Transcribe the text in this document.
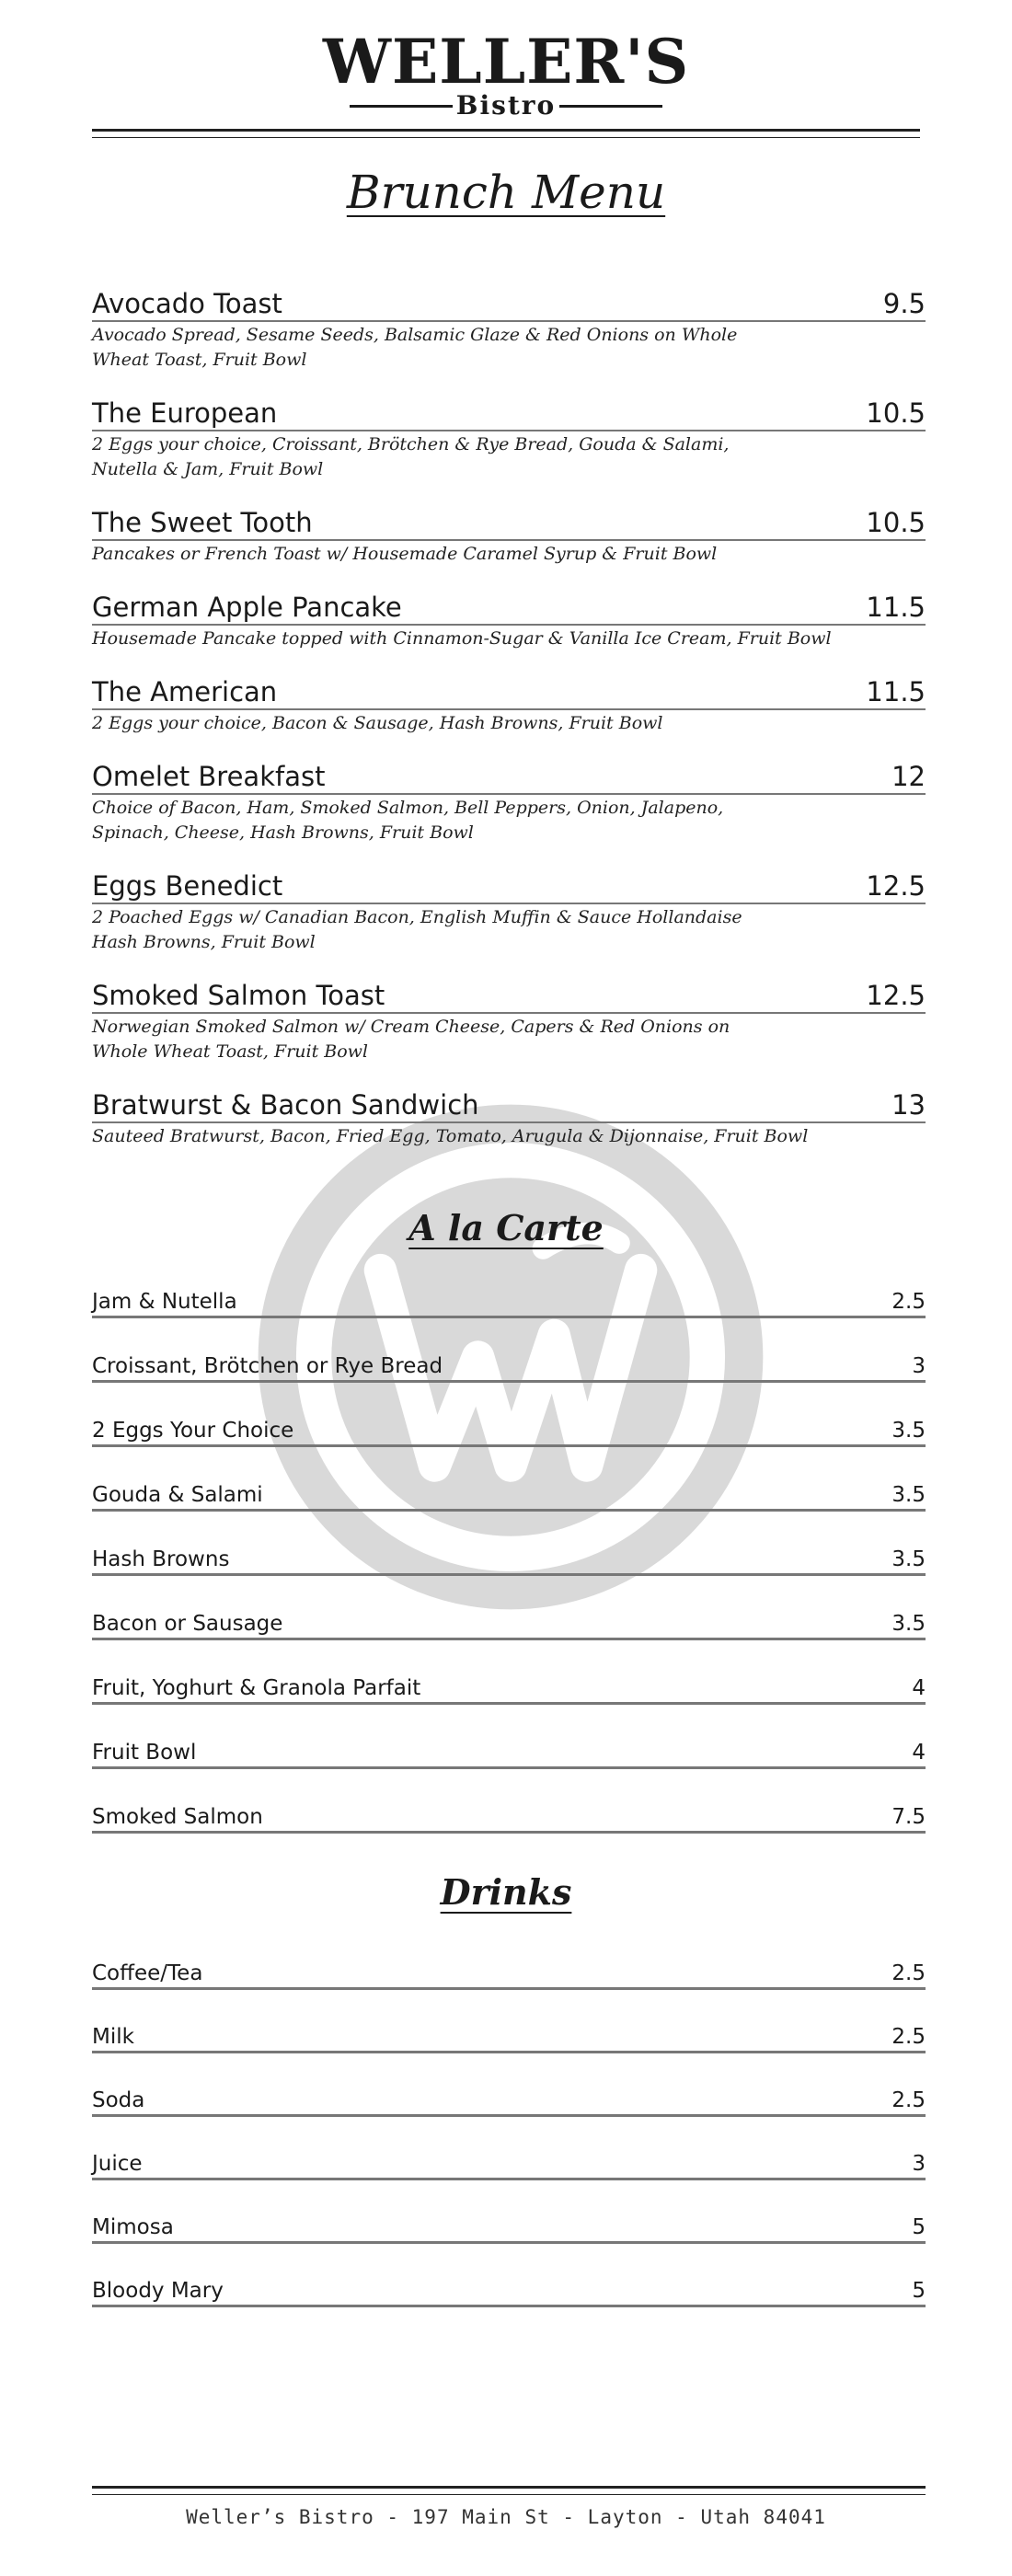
WELLER'S
Bistro
Brunch Menu
Avocado Toast	9.5
Avocado Spread, Sesame Seeds, Balsamic Glaze & Red Onions on Whole Wheat Toast, Fruit Bowl
The European	10.5
2 Eggs your choice, Croissant, Brötchen & Rye Bread, Gouda & Salami, Nutella & Jam, Fruit Bowl
The Sweet Tooth	10.5
Pancakes or French Toast w/ Housemade Caramel Syrup & Fruit Bowl
German Apple Pancake	11.5
Housemade Pancake topped with Cinnamon-Sugar & Vanilla Ice Cream, Fruit Bowl
The American	11.5
2 Eggs your choice, Bacon & Sausage, Hash Browns, Fruit Bowl
Omelet Breakfast	12
Choice of Bacon, Ham, Smoked Salmon, Bell Peppers, Onion, Jalapeno, Spinach, Cheese, Hash Browns, Fruit Bowl
Eggs Benedict	12.5
2 Poached Eggs w/ Canadian Bacon, English Muffin & Sauce Hollandaise Hash Browns, Fruit Bowl
Smoked Salmon Toast	12.5
Norwegian Smoked Salmon w/ Cream Cheese, Capers & Red Onions on Whole Wheat Toast, Fruit Bowl
Bratwurst & Bacon Sandwich	13
Sauteed Bratwurst, Bacon, Fried Egg, Tomato, Arugula & Dijonnaise, Fruit Bowl
A la Carte
Jam & Nutella	2.5
Croissant, Brötchen or Rye Bread	3
2 Eggs Your Choice	3.5
Gouda & Salami	3.5
Hash Browns	3.5
Bacon or Sausage	3.5
Fruit, Yoghurt & Granola Parfait	4
Fruit Bowl	4
Smoked Salmon	7.5
Drinks
Coffee/Tea	2.5
Milk	2.5
Soda	2.5
Juice	3
Mimosa	5
Bloody Mary	5
Weller’s Bistro - 197 Main St - Layton - Utah 84041
